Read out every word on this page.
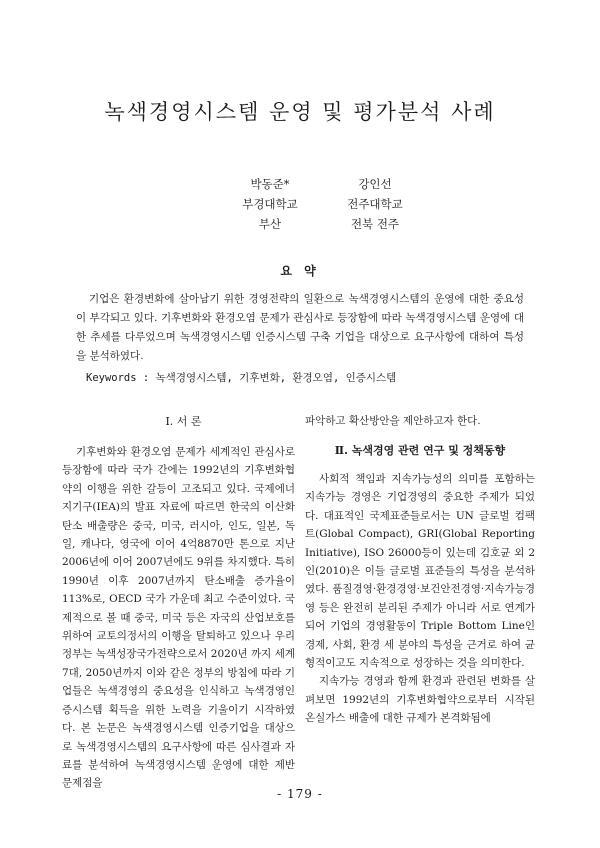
녹색경영시스템 운영 및 평가분석 사례
박동준*
부경대학교
부산
강인선
전주대학교
전북 전주
요 약
기업은 환경변화에 살아남기 위한 경영전략의 일환으로 녹색경영시스템의 운영에 대한 중요성이 부각되고 있다. 기후변화와 환경오염 문제가 관심사로 등장함에 따라 녹색경영시스템 운영에 대한 추세를 다루었으며 녹색경영시스템 인증시스템 구축 기업을 대상으로 요구사항에 대하여 특성을 분석하였다.
Keywords : 녹색경영시스템, 기후변화, 환경오염, 인증시스템
Ⅰ. 서 론

기후변화와 환경오염 문제가 세계적인 관심사로 등장함에 따라 국가 간에는 1992년의 기후변화협약의 이행을 위한 갈등이 고조되고 있다. 국제에너지기구(IEA)의 발표 자료에 따르면 한국의 이산화탄소 배출량은 중국, 미국, 러시아, 인도, 일본, 독일, 캐나다, 영국에 이어 4억8870만 톤으로 지난 2006년에 이어 2007년에도 9위를 차지했다. 특히 1990년 이후 2007년까지 탄소배출 증가율이 113%로, OECD 국가 가운데 최고 수준이었다. 국제적으로 볼 때 중국, 미국 등은 자국의 산업보호를 위하여 교토의정서의 이행을 탈퇴하고 있으나 우리 정부는 녹색성장국가전략으로서 2020년 까지 세계 7대, 2050년까지 이와 같은 정부의 방침에 따라 기업들은 녹색경영의 중요성을 인식하고 녹색경영인증시스템 획득을 위한 노력을 기울이기 시작하였다. 본 논문은 녹색경영시스템 인증기업을 대상으로 녹색경영시스템의 요구사항에 따른 심사결과 자료를 분석하여 녹색경영시스템 운영에 대한 제반 문제점을

파악하고 확산방안을 제안하고자 한다.
Ⅱ. 녹색경영 관련 연구 및 정책동향

사회적 책임과 지속가능성의 의미를 포함하는 지속가능 경영은 기업경영의 중요한 주제가 되었다. 대표적인 국제표준들로서는 UN 글로벌 컴팩트(Global Compact), GRI(Global Reporting Initiative), ISO 26000등이 있는데 김호균 외 2인(2010)은 이들 글로벌 표준들의 특성을 분석하였다. 품질경영·환경경영·보건안전경영·지속가능경영 등은 완전히 분리된 주제가 아니라 서로 연계가 되어 기업의 경영활동이 Triple Bottom Line인 경제, 사회, 환경 세 분야의 특성을 근거로 하여 균형적이고도 지속적으로 성장하는 것을 의미한다.

지속가능 경영과 함께 환경과 관련된 변화를 살펴보면 1992년의 기후변화협약으로부터 시작된 온실가스 배출에 대한 규제가 본격화됨에

- 179 -
